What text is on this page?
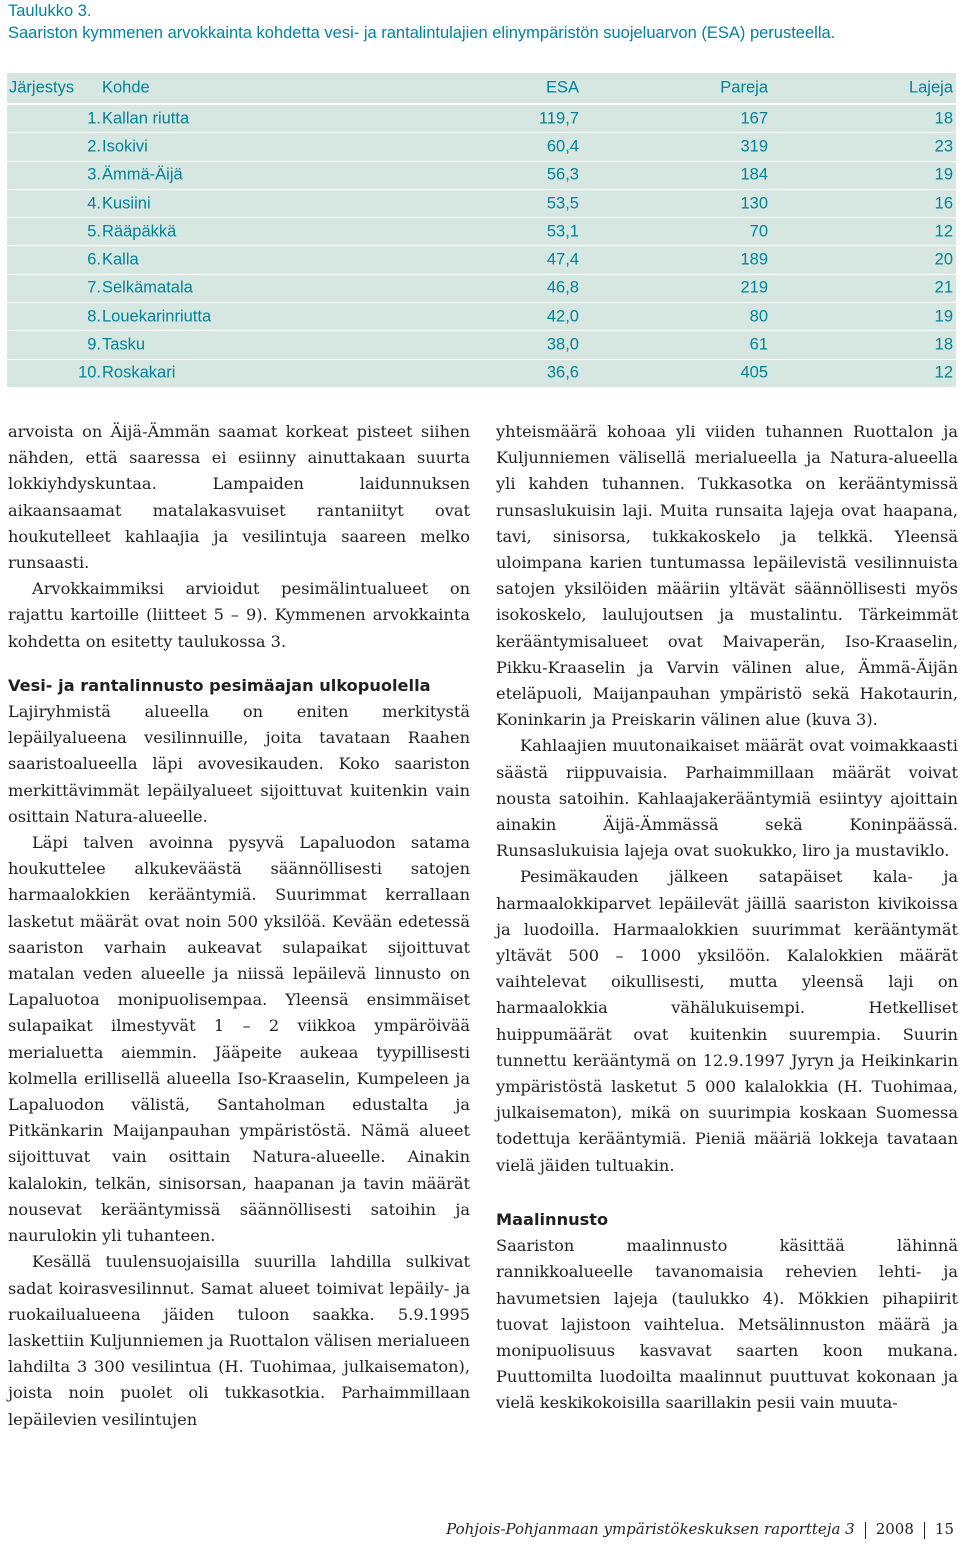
Taulukko 3.
Saariston kymmenen arvokkainta kohdetta vesi- ja rantalintulajien elinympäristön suojeluarvon (ESA) perusteella.
Järjestys Kohde	ESA	Pareja	Lajeja
1. Kallan riutta	119,7	167	18
2. Isokivi	60,4	319	23
3. Ämmä-Äijä	56,3	184	19
4. Kusiini	53,5	130	16
5. Rääpäkkä	53,1	70	12
6. Kalla	47,4	189	20
7. Selkämatala	46,8	219	21
8. Louekarinriutta	42,0	80	19
9. Tasku	38,0	61	18
10. Roskakari	36,6	405	12

arvoista on Äijä-Ämmän saamat korkeat pisteet siihen nähden, että saaressa ei esiinny ainuttakaan suurta lokkiyhdyskuntaa. Lampaiden laidunnuksen aikaansaamat matalakasvuiset rantaniityt ovat houkutelleet kahlaajia ja vesilintuja saareen melko runsaasti.

Arvokkaimmiksi arvioidut pesimälintualueet on rajattu kartoille (liitteet 5 – 9). Kymmenen arvokkainta kohdetta on esitetty taulukossa 3.

Vesi- ja rantalinnusto pesimäajan ulkopuolella

Lajiryhmistä alueella on eniten merkitystä lepäilyalueena vesilinnuille, joita tavataan Raahen saaristoalueella läpi avovesikauden. Koko saariston merkittävimmät lepäilyalueet sijoittuvat kuitenkin vain osittain Natura-alueelle.

Läpi talven avoinna pysyvä Lapaluodon satama houkuttelee alkukeväästä säännöllisesti satojen harmaalokkien kerääntymiä. Suurimmat kerrallaan lasketut määrät ovat noin 500 yksilöä. Kevään edetessä saariston varhain aukeavat sulapaikat sijoittuvat matalan veden alueelle ja niissä lepäilevä linnusto on Lapaluotoa monipuolisempaa. Yleensä ensimmäiset sulapaikat ilmestyvät 1 – 2 viikkoa ympäröivää merialuetta aiemmin. Jääpeite aukeaa tyypillisesti kolmella erillisellä alueella Iso-Kraaselin, Kumpeleen ja Lapaluodon välistä, Santaholman edustalta ja Pitkänkarin Maijanpauhan ympäristöstä. Nämä alueet sijoittuvat vain osittain Natura-alueelle. Ainakin kalalokin, telkän, sinisorsan, haapanan ja tavin määrät nousevat kerääntymissä säännöllisesti satoihin ja naurulokin yli tuhanteen.

Kesällä tuulensuojaisilla suurilla lahdilla sulkivat sadat koirasvesilinnut. Samat alueet toimivat lepäily- ja ruokailualueena jäiden tuloon saakka. 5.9.1995 laskettiin Kuljunniemen ja Ruottalon välisen merialueen lahdilta 3 300 vesilintua (H. Tuohimaa, julkaisematon), joista noin puolet oli tukkasotkia. Parhaimmillaan lepäilevien vesilintujen

yhteismäärä kohoaa yli viiden tuhannen Ruottalon ja Kuljunniemen välisellä merialueella ja Natura-alueella yli kahden tuhannen. Tukkasotka on kerääntymissä runsaslukuisin laji. Muita runsaita lajeja ovat haapana, tavi, sinisorsa, tukkakoskelo ja telkkä. Yleensä uloimpana karien tuntumassa lepäilevistä vesilinnuista satojen yksilöiden määriin yltävät säännöllisesti myös isokoskelo, laulujoutsen ja mustalintu. Tärkeimmät kerääntymisalueet ovat Maivaperän, Iso-Kraaselin, Pikku-Kraaselin ja Varvin välinen alue, Ämmä-Äijän eteläpuoli, Maijanpauhan ympäristö sekä Hakotaurin, Koninkarin ja Preiskarin välinen alue (kuva 3).

Kahlaajien muutonaikaiset määrät ovat voimakkaasti säästä riippuvaisia. Parhaimmillaan määrät voivat nousta satoihin. Kahlaajakerääntymiä esiintyy ajoittain ainakin Äijä-Ämmässä sekä Koninpäässä. Runsaslukuisia lajeja ovat suokukko, liro ja mustaviklo.

Pesimäkauden jälkeen satapäiset kala- ja harmaalokkiparvet lepäilevät jäillä saariston kivikoissa ja luodoilla. Harmaalokkien suurimmat kerääntymät yltävät 500 – 1000 yksilöön. Kalalokkien määrät vaihtelevat oikullisesti, mutta yleensä laji on harmaalokkia vähälukuisempi. Hetkelliset huippumäärät ovat kuitenkin suurempia. Suurin tunnettu kerääntymä on 12.9.1997 Jyryn ja Heikinkarin ympäristöstä lasketut 5 000 kalalokkia (H. Tuohimaa, julkaisematon), mikä on suurimpia koskaan Suomessa todettuja kerääntymiä. Pieniä määriä lokkeja tavataan vielä jäiden tultuakin.

Maalinnusto

Saariston maalinnusto käsittää lähinnä rannikkoalueelle tavanomaisia rehevien lehti- ja havumetsien lajeja (taulukko 4). Mökkien pihapiirit tuovat lajistoon vaihtelua. Metsälinnuston määrä ja monipuolisuus kasvavat saarten koon mukana. Puuttomilta luodoilta maalinnut puuttuvat kokonaan ja vielä keskikokoisilla saarillakin pesii vain muuta-

Pohjois-Pohjanmaan ympäristökeskuksen raportteja 3 2008 15
